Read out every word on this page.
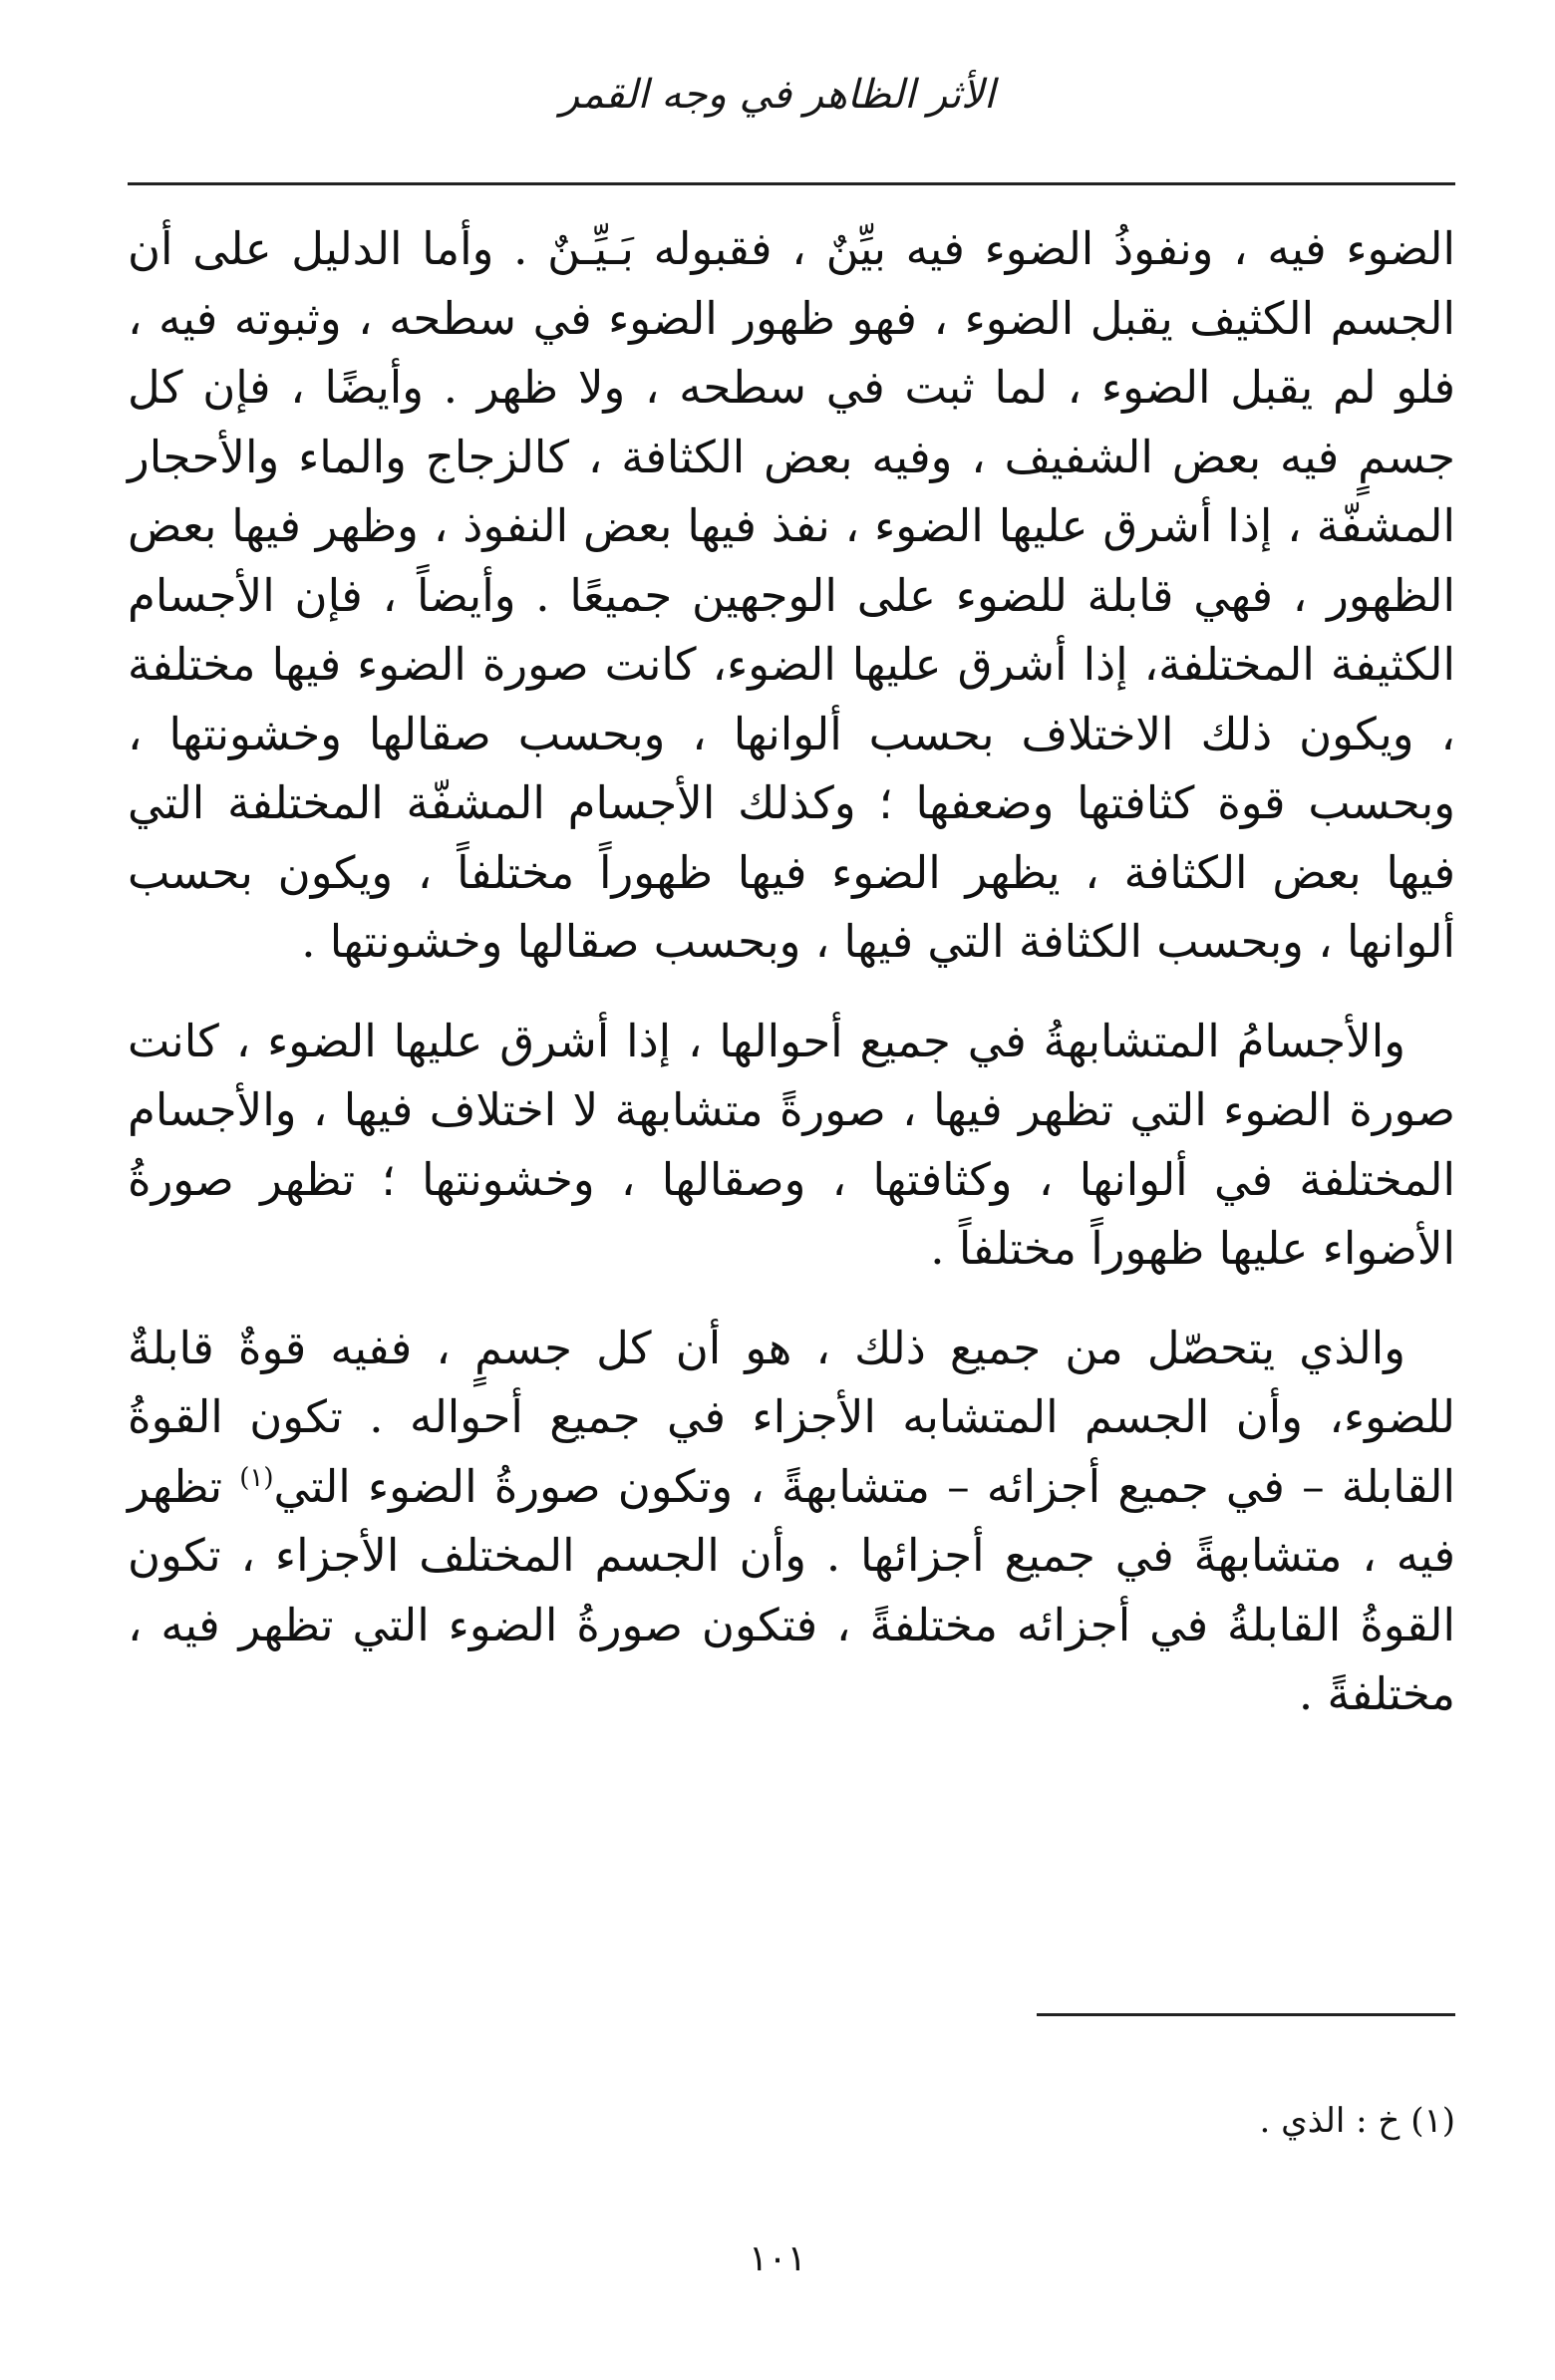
الأثر الظاهر في وجه القمر

الضوء فيه ، ونفوذُ الضوء فيه بيِّنٌ ، فقبوله بَـيِّـنٌ . وأما الدليل على أن الجسم الكثيف يقبل الضوء ، فهو ظهور الضوء في سطحه ، وثبوته فيه ، فلو لم يقبل الضوء ، لما ثبت في سطحه ، ولا ظهر . وأيضًا ، فإن كل جسمٍ فيه بعض الشفيف ، وفيه بعض الكثافة ، كالزجاج والماء والأحجار المشفّة ، إذا أشرق عليها الضوء ، نفذ فيها بعض النفوذ ، وظهر فيها بعض الظهور ، فهي قابلة للضوء على الوجهين جميعًا . وأيضاً ، فإن الأجسام الكثيفة المختلفة، إذا أشرق عليها الضوء، كانت صورة الضوء فيها مختلفة ، ويكون ذلك الاختلاف بحسب ألوانها ، وبحسب صقالها وخشونتها ، وبحسب قوة كثافتها وضعفها ؛ وكذلك الأجسام المشفّة المختلفة التي فيها بعض الكثافة ، يظهر الضوء فيها ظهوراً مختلفاً ، ويكون بحسب ألوانها ، وبحسب الكثافة التي فيها ، وبحسب صقالها وخشونتها .

والأجسامُ المتشابهةُ في جميع أحوالها ، إذا أشرق عليها الضوء ، كانت صورة الضوء التي تظهر فيها ، صورةً متشابهة لا اختلاف فيها ، والأجسام المختلفة في ألوانها ، وكثافتها ، وصقالها ، وخشونتها ؛ تظهر صورةُ الأضواء عليها ظهوراً مختلفاً .

والذي يتحصّل من جميع ذلك ، هو أن كل جسمٍ ، ففيه قوةٌ قابلةٌ للضوء، وأن الجسم المتشابه الأجزاء في جميع أحواله . تكون القوةُ القابلة – في جميع أجزائه – متشابهةً ، وتكون صورةُ الضوء التي$^{(١)}$ تظهر فيه ، متشابهةً في جميع أجزائها . وأن الجسم المختلف الأجزاء ، تكون القوةُ القابلةُ في أجزائه مختلفةً ، فتكون صورةُ الضوء التي تظهر فيه ، مختلفةً .

(١) خ : الذي .
١٠١
